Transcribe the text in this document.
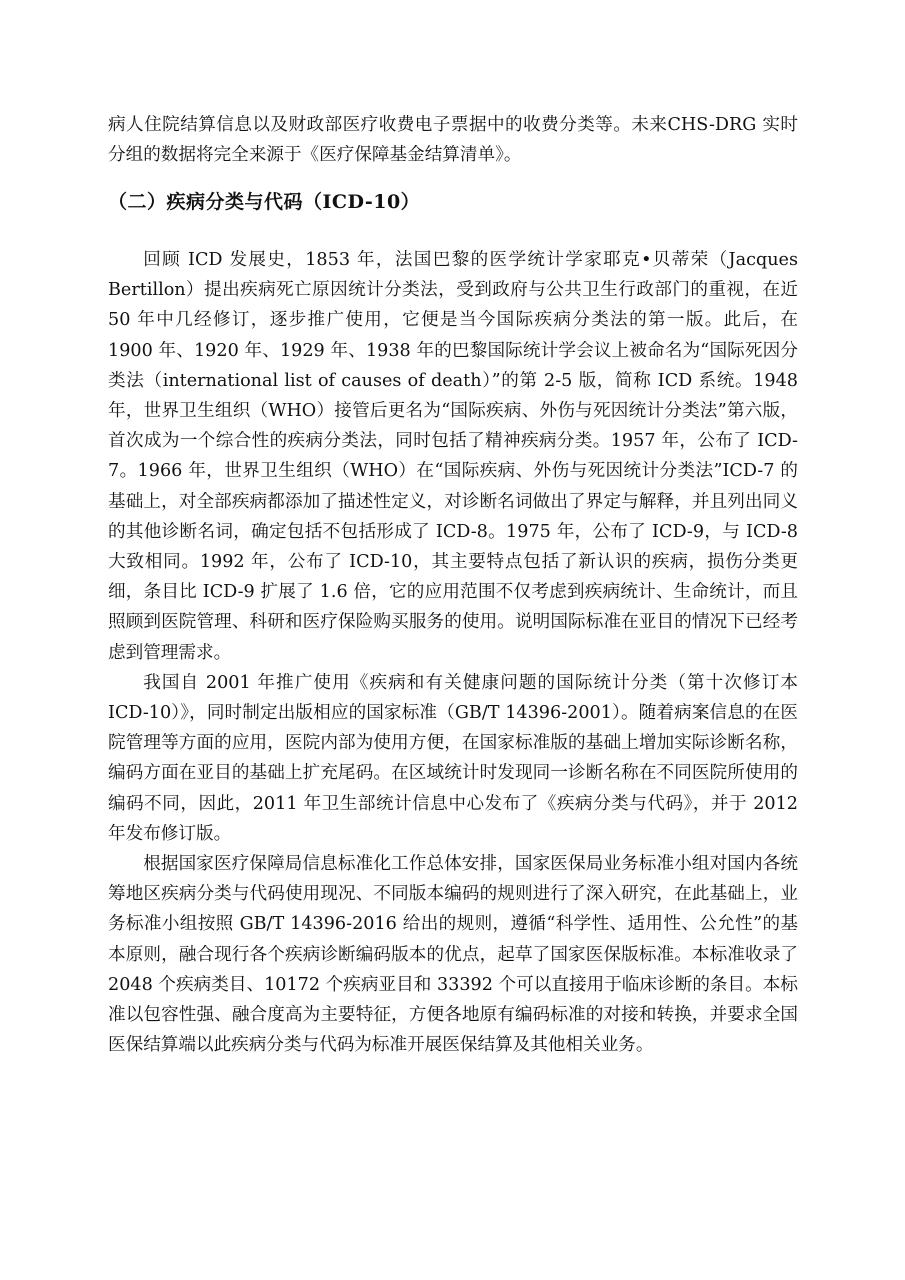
病人住院结算信息以及财政部医疗收费电子票据中的收费分类等。未来CHS-DRG 实时分组的数据将完全来源于《医疗保障基金结算清单》。

（二）疾病分类与代码（ICD-10）

回顾 ICD 发展史，1853 年，法国巴黎的医学统计学家耶克•贝蒂荣（Jacques Bertillon）提出疾病死亡原因统计分类法，受到政府与公共卫生行政部门的重视，在近 50 年中几经修订，逐步推广使用，它便是当今国际疾病分类法的第一版。此后，在 1900 年、1920 年、1929 年、1938 年的巴黎国际统计学会议上被命名为“国际死因分类法（international list of causes of death）”的第 2-5 版，简称 ICD 系统。1948 年，世界卫生组织（WHO）接管后更名为“国际疾病、外伤与死因统计分类法”第六版，首次成为一个综合性的疾病分类法，同时包括了精神疾病分类。1957 年，公布了 ICD-7。1966 年，世界卫生组织（WHO）在“国际疾病、外伤与死因统计分类法”ICD-7 的基础上，对全部疾病都添加了描述性定义，对诊断名词做出了界定与解释，并且列出同义的其他诊断名词，确定包括不包括形成了 ICD-8。1975 年，公布了 ICD-9，与 ICD-8 大致相同。1992 年，公布了 ICD-10，其主要特点包括了新认识的疾病，损伤分类更细，条目比 ICD-9 扩展了 1.6 倍，它的应用范围不仅考虑到疾病统计、生命统计，而且照顾到医院管理、科研和医疗保险购买服务的使用。说明国际标准在亚目的情况下已经考虑到管理需求。

我国自 2001 年推广使用《疾病和有关健康问题的国际统计分类（第十次修订本 ICD-10）》，同时制定出版相应的国家标准（GB/T 14396-2001）。随着病案信息的在医院管理等方面的应用，医院内部为使用方便，在国家标准版的基础上增加实际诊断名称，编码方面在亚目的基础上扩充尾码。在区域统计时发现同一诊断名称在不同医院所使用的编码不同，因此，2011 年卫生部统计信息中心发布了《疾病分类与代码》，并于 2012 年发布修订版。

根据国家医疗保障局信息标准化工作总体安排，国家医保局业务标准小组对国内各统筹地区疾病分类与代码使用现况、不同版本编码的规则进行了深入研究，在此基础上，业务标准小组按照 GB/T 14396-2016 给出的规则，遵循“科学性、适用性、公允性”的基本原则，融合现行各个疾病诊断编码版本的优点，起草了国家医保版标准。本标准收录了 2048 个疾病类目、10172 个疾病亚目和 33392 个可以直接用于临床诊断的条目。本标准以包容性强、融合度高为主要特征，方便各地原有编码标准的对接和转换，并要求全国医保结算端以此疾病分类与代码为标准开展医保结算及其他相关业务。
